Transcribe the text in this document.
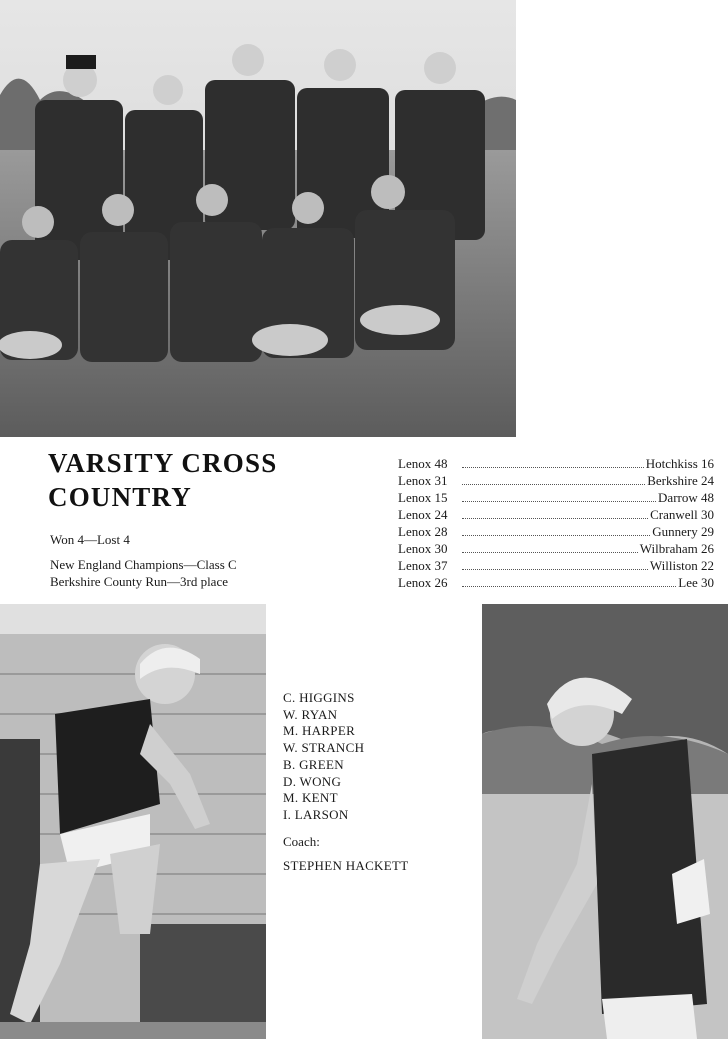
VARSITY CROSS
COUNTRY
Won 4—Lost 4
New England Champions—Class C
Berkshire County Run—3rd place
Lenox 48	Hotchkiss 16
Lenox 31	Berkshire 24
Lenox 15	Darrow 48
Lenox 24	Cranwell 30
Lenox 28	Gunnery 29
Lenox 30	Wilbraham 26
Lenox 37	Williston 22
Lenox 26	Lee 30
C. HIGGINS
W. RYAN
M. HARPER
W. STRANCH
B. GREEN
D. WONG
M. KENT
I. LARSON
Coach:
STEPHEN HACKETT
